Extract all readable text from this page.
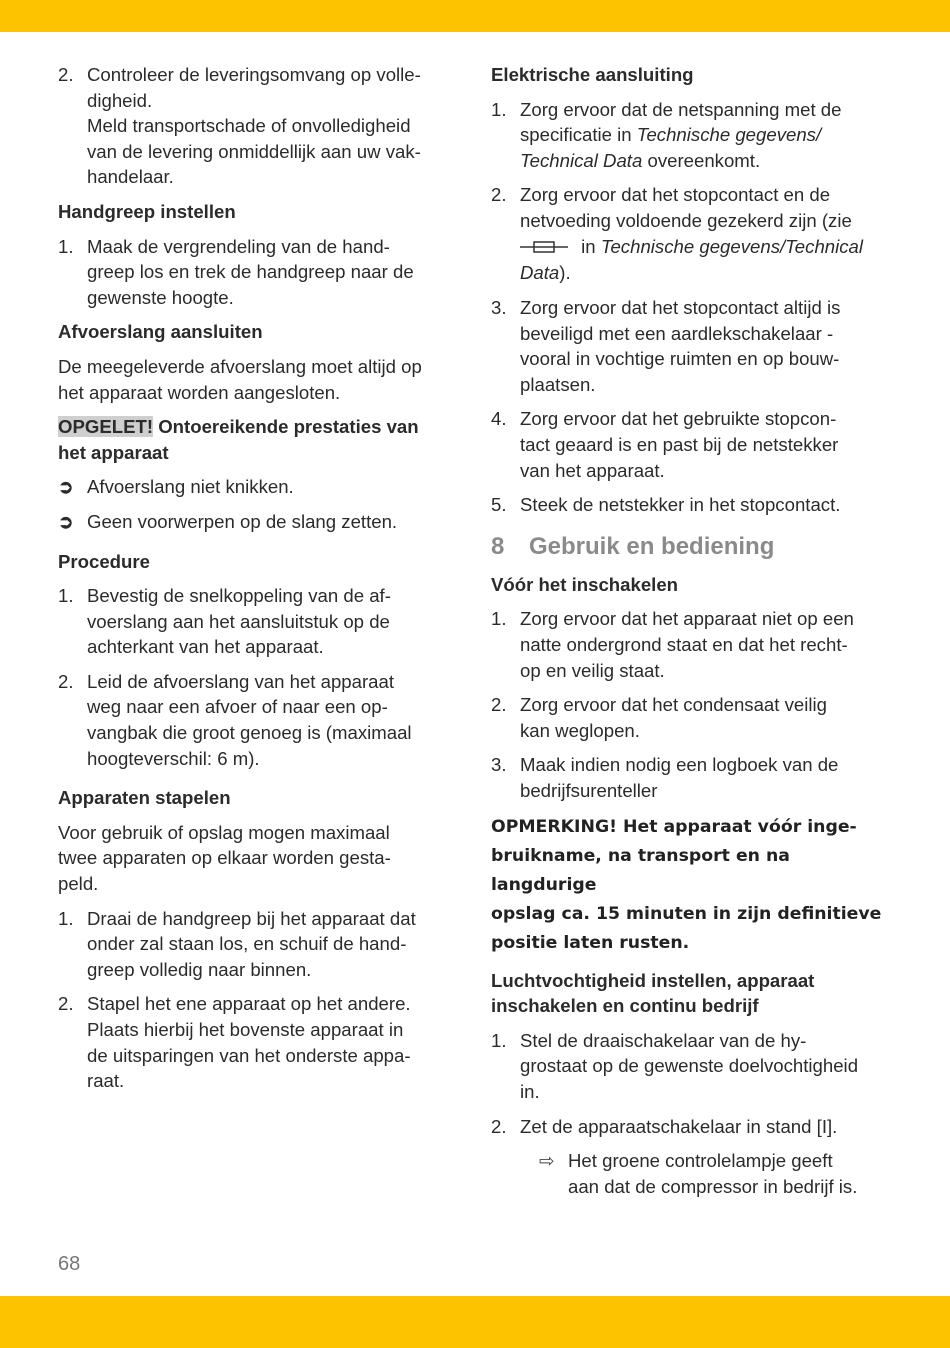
2. Controleer de leveringsomvang op volle-
digheid.
Meld transportschade of onvolledigheid
van de levering onmiddellijk aan uw vak-
handelaar.
Handgreep instellen
1. Maak de vergrendeling van de hand-
greep los en trek de handgreep naar de
gewenste hoogte.
Afvoerslang aansluiten
De meegeleverde afvoerslang moet altijd op
het apparaat worden aangesloten.
OPGELET! Ontoereikende prestaties van
het apparaat
➲ Afvoerslang niet knikken.
➲ Geen voorwerpen op de slang zetten.
Procedure
1. Bevestig de snelkoppeling van de af-
voerslang aan het aansluitstuk op de
achterkant van het apparaat.
2. Leid de afvoerslang van het apparaat
weg naar een afvoer of naar een op-
vangbak die groot genoeg is (maximaal
hoogteverschil: 6 m).
Apparaten stapelen
Voor gebruik of opslag mogen maximaal
twee apparaten op elkaar worden gesta-
peld.
1. Draai de handgreep bij het apparaat dat
onder zal staan los, en schuif de hand-
greep volledig naar binnen.
2. Stapel het ene apparaat op het andere.
Plaats hierbij het bovenste apparaat in
de uitsparingen van het onderste appa-
raat.
Elektrische aansluiting
1. Zorg ervoor dat de netspanning met de
specificatie in Technische gegevens/
Technical Data overeenkomt.
2. Zorg ervoor dat het stopcontact en de
netvoeding voldoende gezekerd zijn (zie
in Technische gegevens/Technical
Data).
3. Zorg ervoor dat het stopcontact altijd is
beveiligd met een aardlekschakelaar -
vooral in vochtige ruimten en op bouw-
plaatsen.
4. Zorg ervoor dat het gebruikte stopcon-
tact geaard is en past bij de netstekker
van het apparaat.
5. Steek de netstekker in het stopcontact.
8	Gebruik en bediening
Vóór het inschakelen
1. Zorg ervoor dat het apparaat niet op een
natte ondergrond staat en dat het recht-
op en veilig staat.
2. Zorg ervoor dat het condensaat veilig
kan weglopen.
3. Maak indien nodig een logboek van de
bedrijfsurenteller
OPMERKING! Het apparaat vóór inge-
bruikname, na transport en na langdurige
opslag ca. 15 minuten in zijn definitieve
positie laten rusten.
Luchtvochtigheid instellen, apparaat
inschakelen en continu bedrijf
1. Stel de draaischakelaar van de hy-
grostaat op de gewenste doelvochtigheid
in.
2. Zet de apparaatschakelaar in stand [I].
⇨ Het groene controlelampje geeft
aan dat de compressor in bedrijf is.
68
